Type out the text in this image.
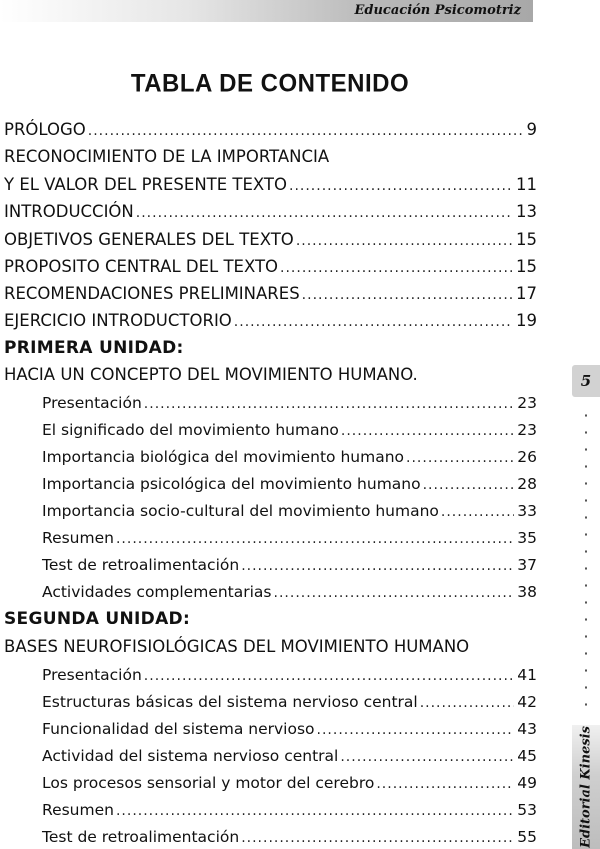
Educación Psicomotriz
TABLA DE CONTENIDO
PRÓLOGO .....	9
RECONOCIMIENTO DE LA IMPORTANCIA
Y EL VALOR DEL PRESENTE TEXTO .....	11
INTRODUCCIÓN .....	13
OBJETIVOS GENERALES DEL TEXTO .....	15
PROPOSITO CENTRAL DEL TEXTO .....	15
RECOMENDACIONES PRELIMINARES .....	17
EJERCICIO INTRODUCTORIO .....	19
PRIMERA UNIDAD:
HACIA UN CONCEPTO DEL MOVIMIENTO HUMANO.
Presentación .....	23
El significado del movimiento humano .....	23
Importancia biológica del movimiento humano .....	26
Importancia psicológica del movimiento humano .....	28
Importancia socio-cultural del movimiento humano .....	33
Resumen .....	35
Test de retroalimentación .....	37
Actividades complementarias .....	38
SEGUNDA UNIDAD:
BASES NEUROFISIOLÓGICAS DEL MOVIMIENTO HUMANO
Presentación .....	41
Estructuras básicas del sistema nervioso central .....	42
Funcionalidad del sistema nervioso .....	43
Actividad del sistema nervioso central .....	45
Los procesos sensorial y motor del cerebro .....	49
Resumen .....	53
Test de retroalimentación .....	55
5
Editorial Kinesis
